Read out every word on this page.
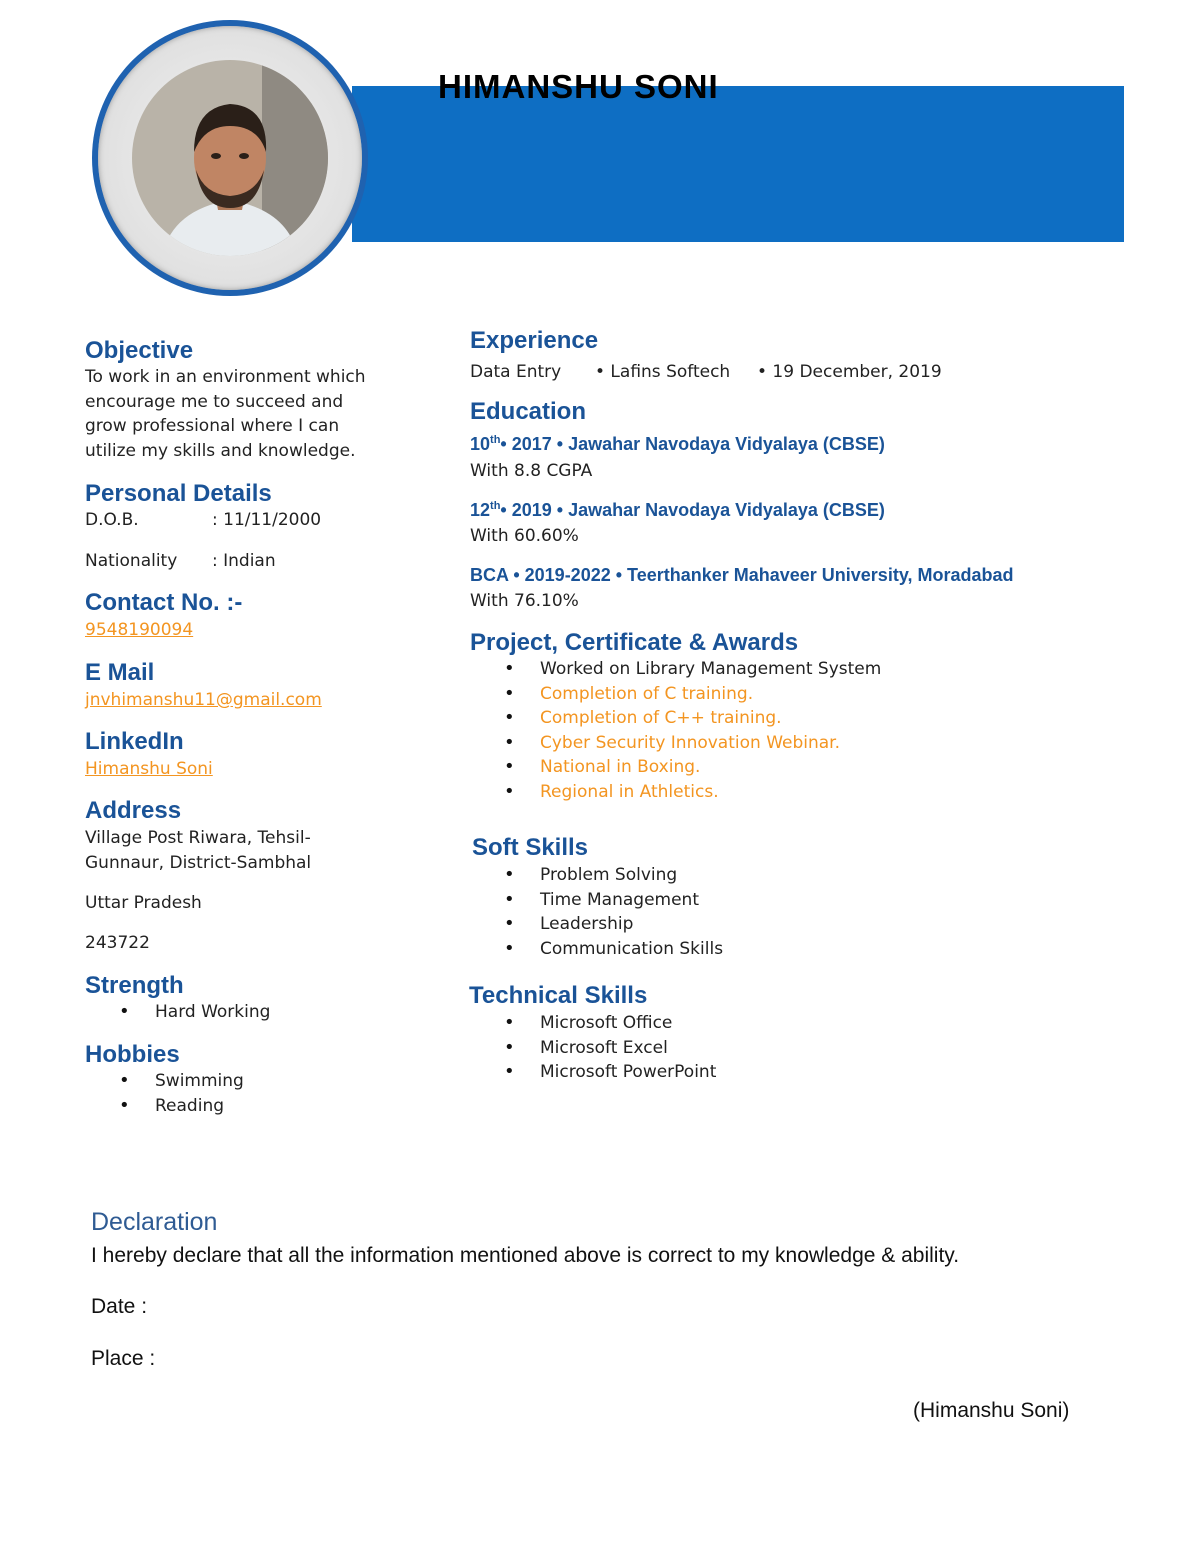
HIMANSHU SONI
Objective
To work in an environment which
encourage me to succeed and
grow professional where I can
utilize my skills and knowledge.
Personal Details
D.O.B.	: 11/11/2000
Nationality : Indian
Contact No. :-
9548190094
E Mail
jnvhimanshu11@gmail.com
LinkedIn
Himanshu Soni
Address
Village Post Riwara, Tehsil-
Gunnaur, District-Sambhal
Uttar Pradesh
243722
Strength
• Hard Working
Hobbies
• Swimming
• Reading
Experience
Data Entry • Lafins Softech • 19 December, 2019
Education
10th• 2017 • Jawahar Navodaya Vidyalaya (CBSE)
With 8.8 CGPA
12th• 2019 • Jawahar Navodaya Vidyalaya (CBSE)
With 60.60%
BCA • 2019-2022 • Teerthanker Mahaveer University, Moradabad
With 76.10%
Project, Certificate & Awards
• Worked on Library Management System
• Completion of C training.
• Completion of C++ training.
• Cyber Security Innovation Webinar.
• National in Boxing.
• Regional in Athletics.
Soft Skills
• Problem Solving
• Time Management
• Leadership
• Communication Skills
Technical Skills
• Microsoft Office
• Microsoft Excel
• Microsoft PowerPoint
Declaration
I hereby declare that all the information mentioned above is correct to my knowledge & ability.
Date :
Place :
(Himanshu Soni)
